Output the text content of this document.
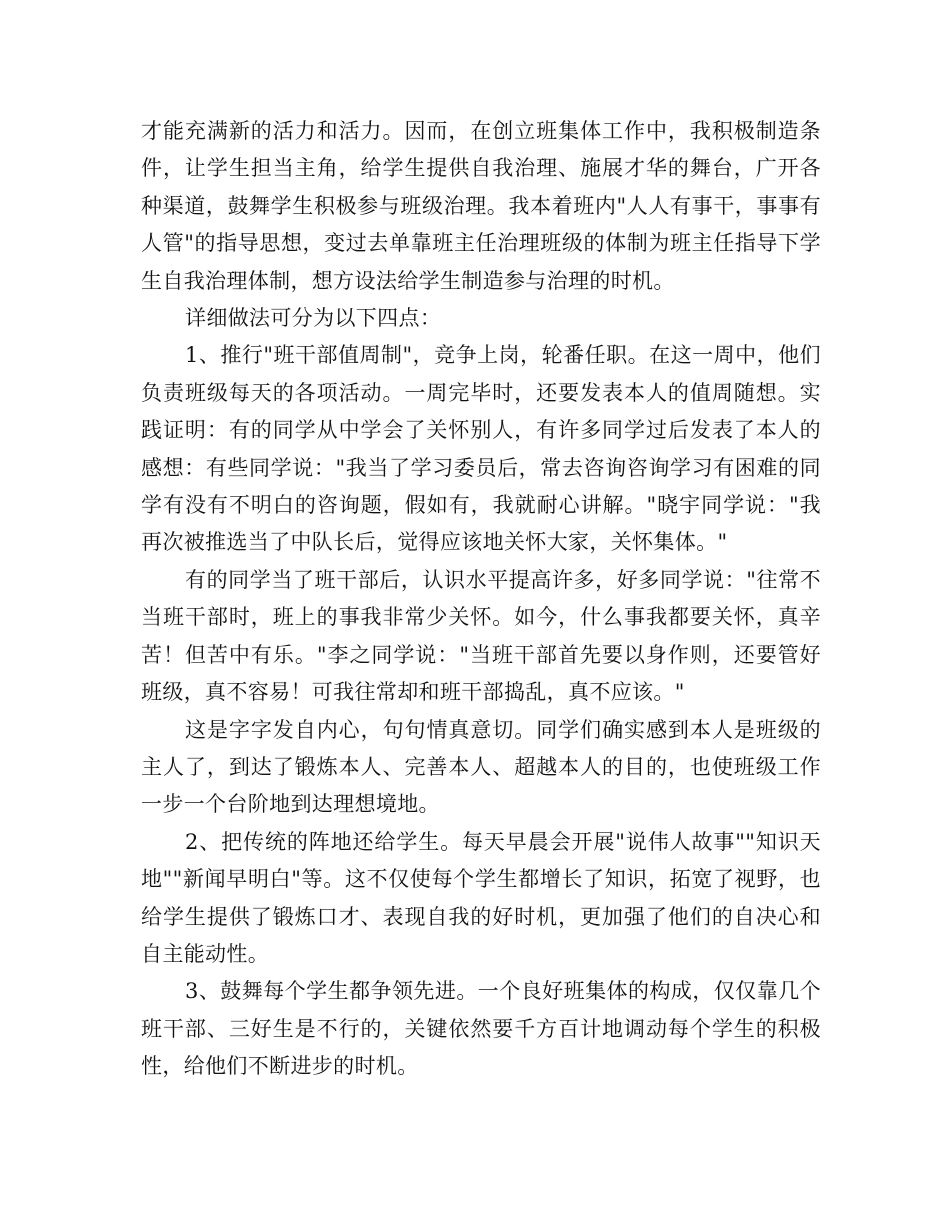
才能充满新的活力和活力。因而，在创立班集体工作中，我积极制造条件，让学生担当主角，给学生提供自我治理、施展才华的舞台，广开各种渠道，鼓舞学生积极参与班级治理。我本着班内"人人有事干，事事有人管"的指导思想，变过去单靠班主任治理班级的体制为班主任指导下学生自我治理体制，想方设法给学生制造参与治理的时机。

详细做法可分为以下四点：

1、推行"班干部值周制"，竞争上岗，轮番任职。在这一周中，他们负责班级每天的各项活动。一周完毕时，还要发表本人的值周随想。实践证明：有的同学从中学会了关怀别人，有许多同学过后发表了本人的感想：有些同学说："我当了学习委员后，常去咨询咨询学习有困难的同学有没有不明白的咨询题，假如有，我就耐心讲解。"晓宇同学说："我再次被推选当了中队长后，觉得应该地关怀大家，关怀集体。"

有的同学当了班干部后，认识水平提高许多，好多同学说："往常不当班干部时，班上的事我非常少关怀。如今，什么事我都要关怀，真辛苦！但苦中有乐。"李之同学说："当班干部首先要以身作则，还要管好班级，真不容易！可我往常却和班干部捣乱，真不应该。"

这是字字发自内心，句句情真意切。同学们确实感到本人是班级的主人了，到达了锻炼本人、完善本人、超越本人的目的，也使班级工作一步一个台阶地到达理想境地。

2、把传统的阵地还给学生。每天早晨会开展"说伟人故事""知识天地""新闻早明白"等。这不仅使每个学生都增长了知识，拓宽了视野，也给学生提供了锻炼口才、表现自我的好时机，更加强了他们的自决心和自主能动性。

3、鼓舞每个学生都争领先进。一个良好班集体的构成，仅仅靠几个班干部、三好生是不行的，关键依然要千方百计地调动每个学生的积极性，给他们不断进步的时机。
